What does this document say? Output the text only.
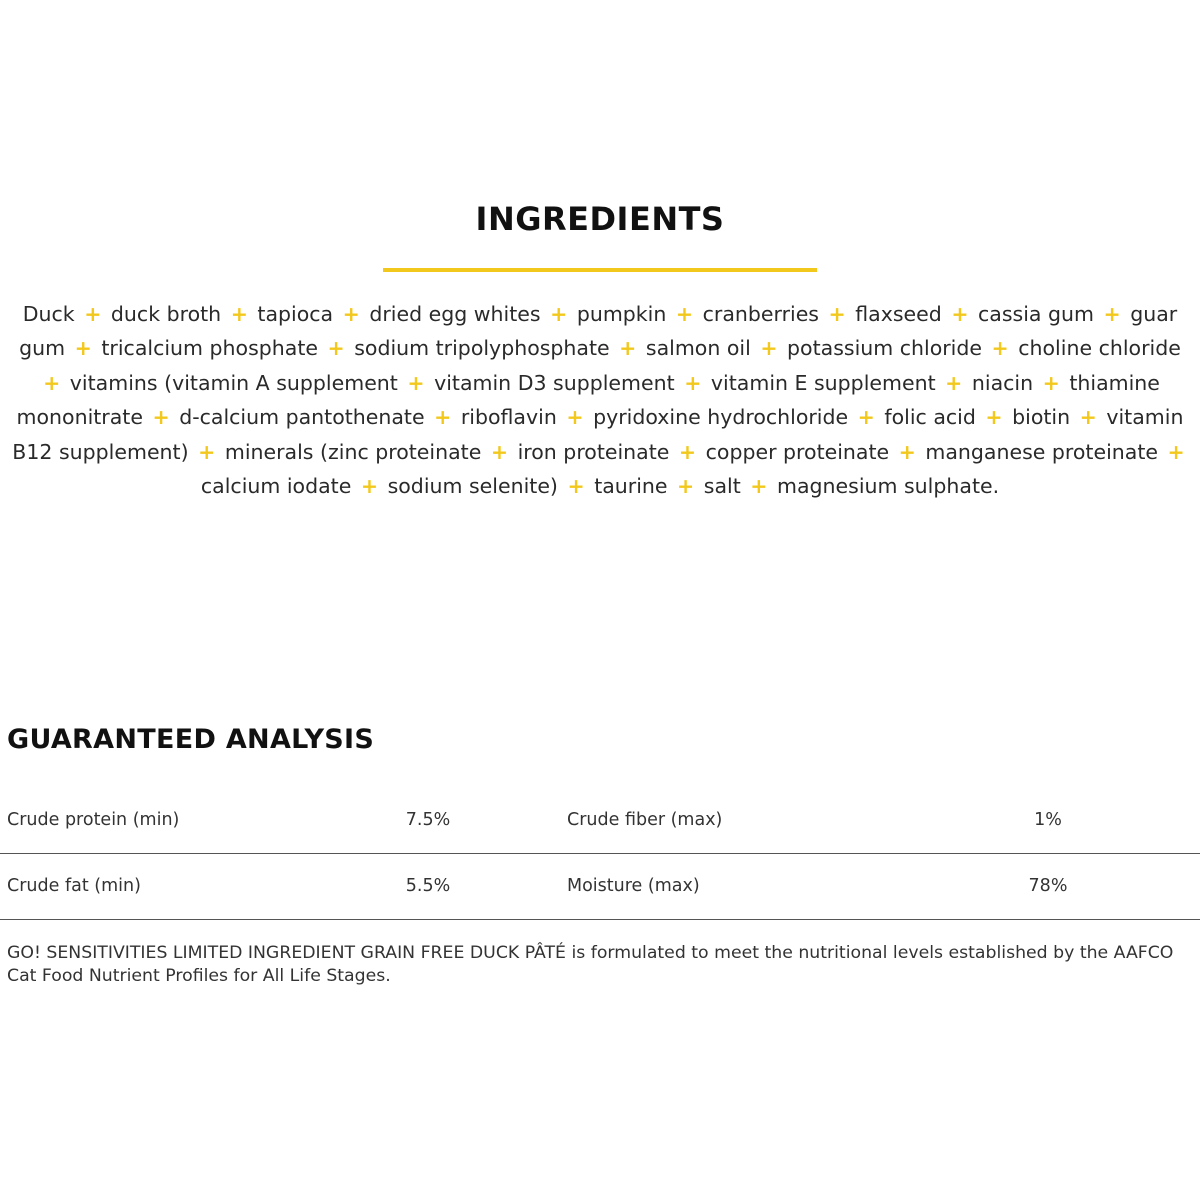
INGREDIENTS

Duck + duck broth + tapioca + dried egg whites + pumpkin + cranberries + flaxseed + cassia gum + guar gum + tricalcium phosphate + sodium tripolyphosphate + salmon oil + potassium chloride + choline chloride + vitamins (vitamin A supplement + vitamin D3 supplement + vitamin E supplement + niacin + thiamine mononitrate + d-calcium pantothenate + riboflavin + pyridoxine hydrochloride + folic acid + biotin + vitamin B12 supplement) + minerals (zinc proteinate + iron proteinate + copper proteinate + manganese proteinate + calcium iodate + sodium selenite) + taurine + salt + magnesium sulphate.

GUARANTEED ANALYSIS
Crude protein (min)	7.5%	Crude fiber (max)	1%
Crude fat (min)	5.5%	Moisture (max)	78%

GO! SENSITIVITIES LIMITED INGREDIENT GRAIN FREE DUCK PÂTÉ is formulated to meet the nutritional levels established by the AAFCO Cat Food Nutrient Profiles for All Life Stages.
